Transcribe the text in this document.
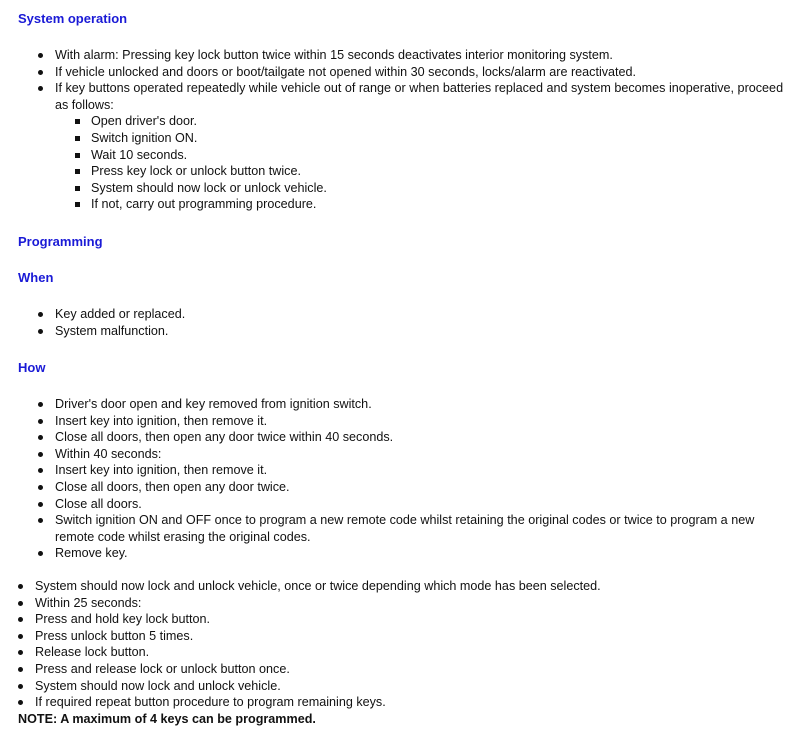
System operation
With alarm: Pressing key lock button twice within 15 seconds deactivates interior monitoring system.
If vehicle unlocked and doors or boot/tailgate not opened within 30 seconds, locks/alarm are reactivated.
If key buttons operated repeatedly while vehicle out of range or when batteries replaced and system becomes inoperative, proceed as follows:
Open driver's door.
Switch ignition ON.
Wait 10 seconds.
Press key lock or unlock button twice.
System should now lock or unlock vehicle.
If not, carry out programming procedure.
Programming
When
Key added or replaced.
System malfunction.
How
Driver's door open and key removed from ignition switch.
Insert key into ignition, then remove it.
Close all doors, then open any door twice within 40 seconds.
Within 40 seconds:
Insert key into ignition, then remove it.
Close all doors, then open any door twice.
Close all doors.
Switch ignition ON and OFF once to program a new remote code whilst retaining the original codes or twice to program a new remote code whilst erasing the original codes.
Remove key.
System should now lock and unlock vehicle, once or twice depending which mode has been selected.
Within 25 seconds:
Press and hold key lock button.
Press unlock button 5 times.
Release lock button.
Press and release lock or unlock button once.
System should now lock and unlock vehicle.
If required repeat button procedure to program remaining keys.

NOTE: A maximum of 4 keys can be programmed.
